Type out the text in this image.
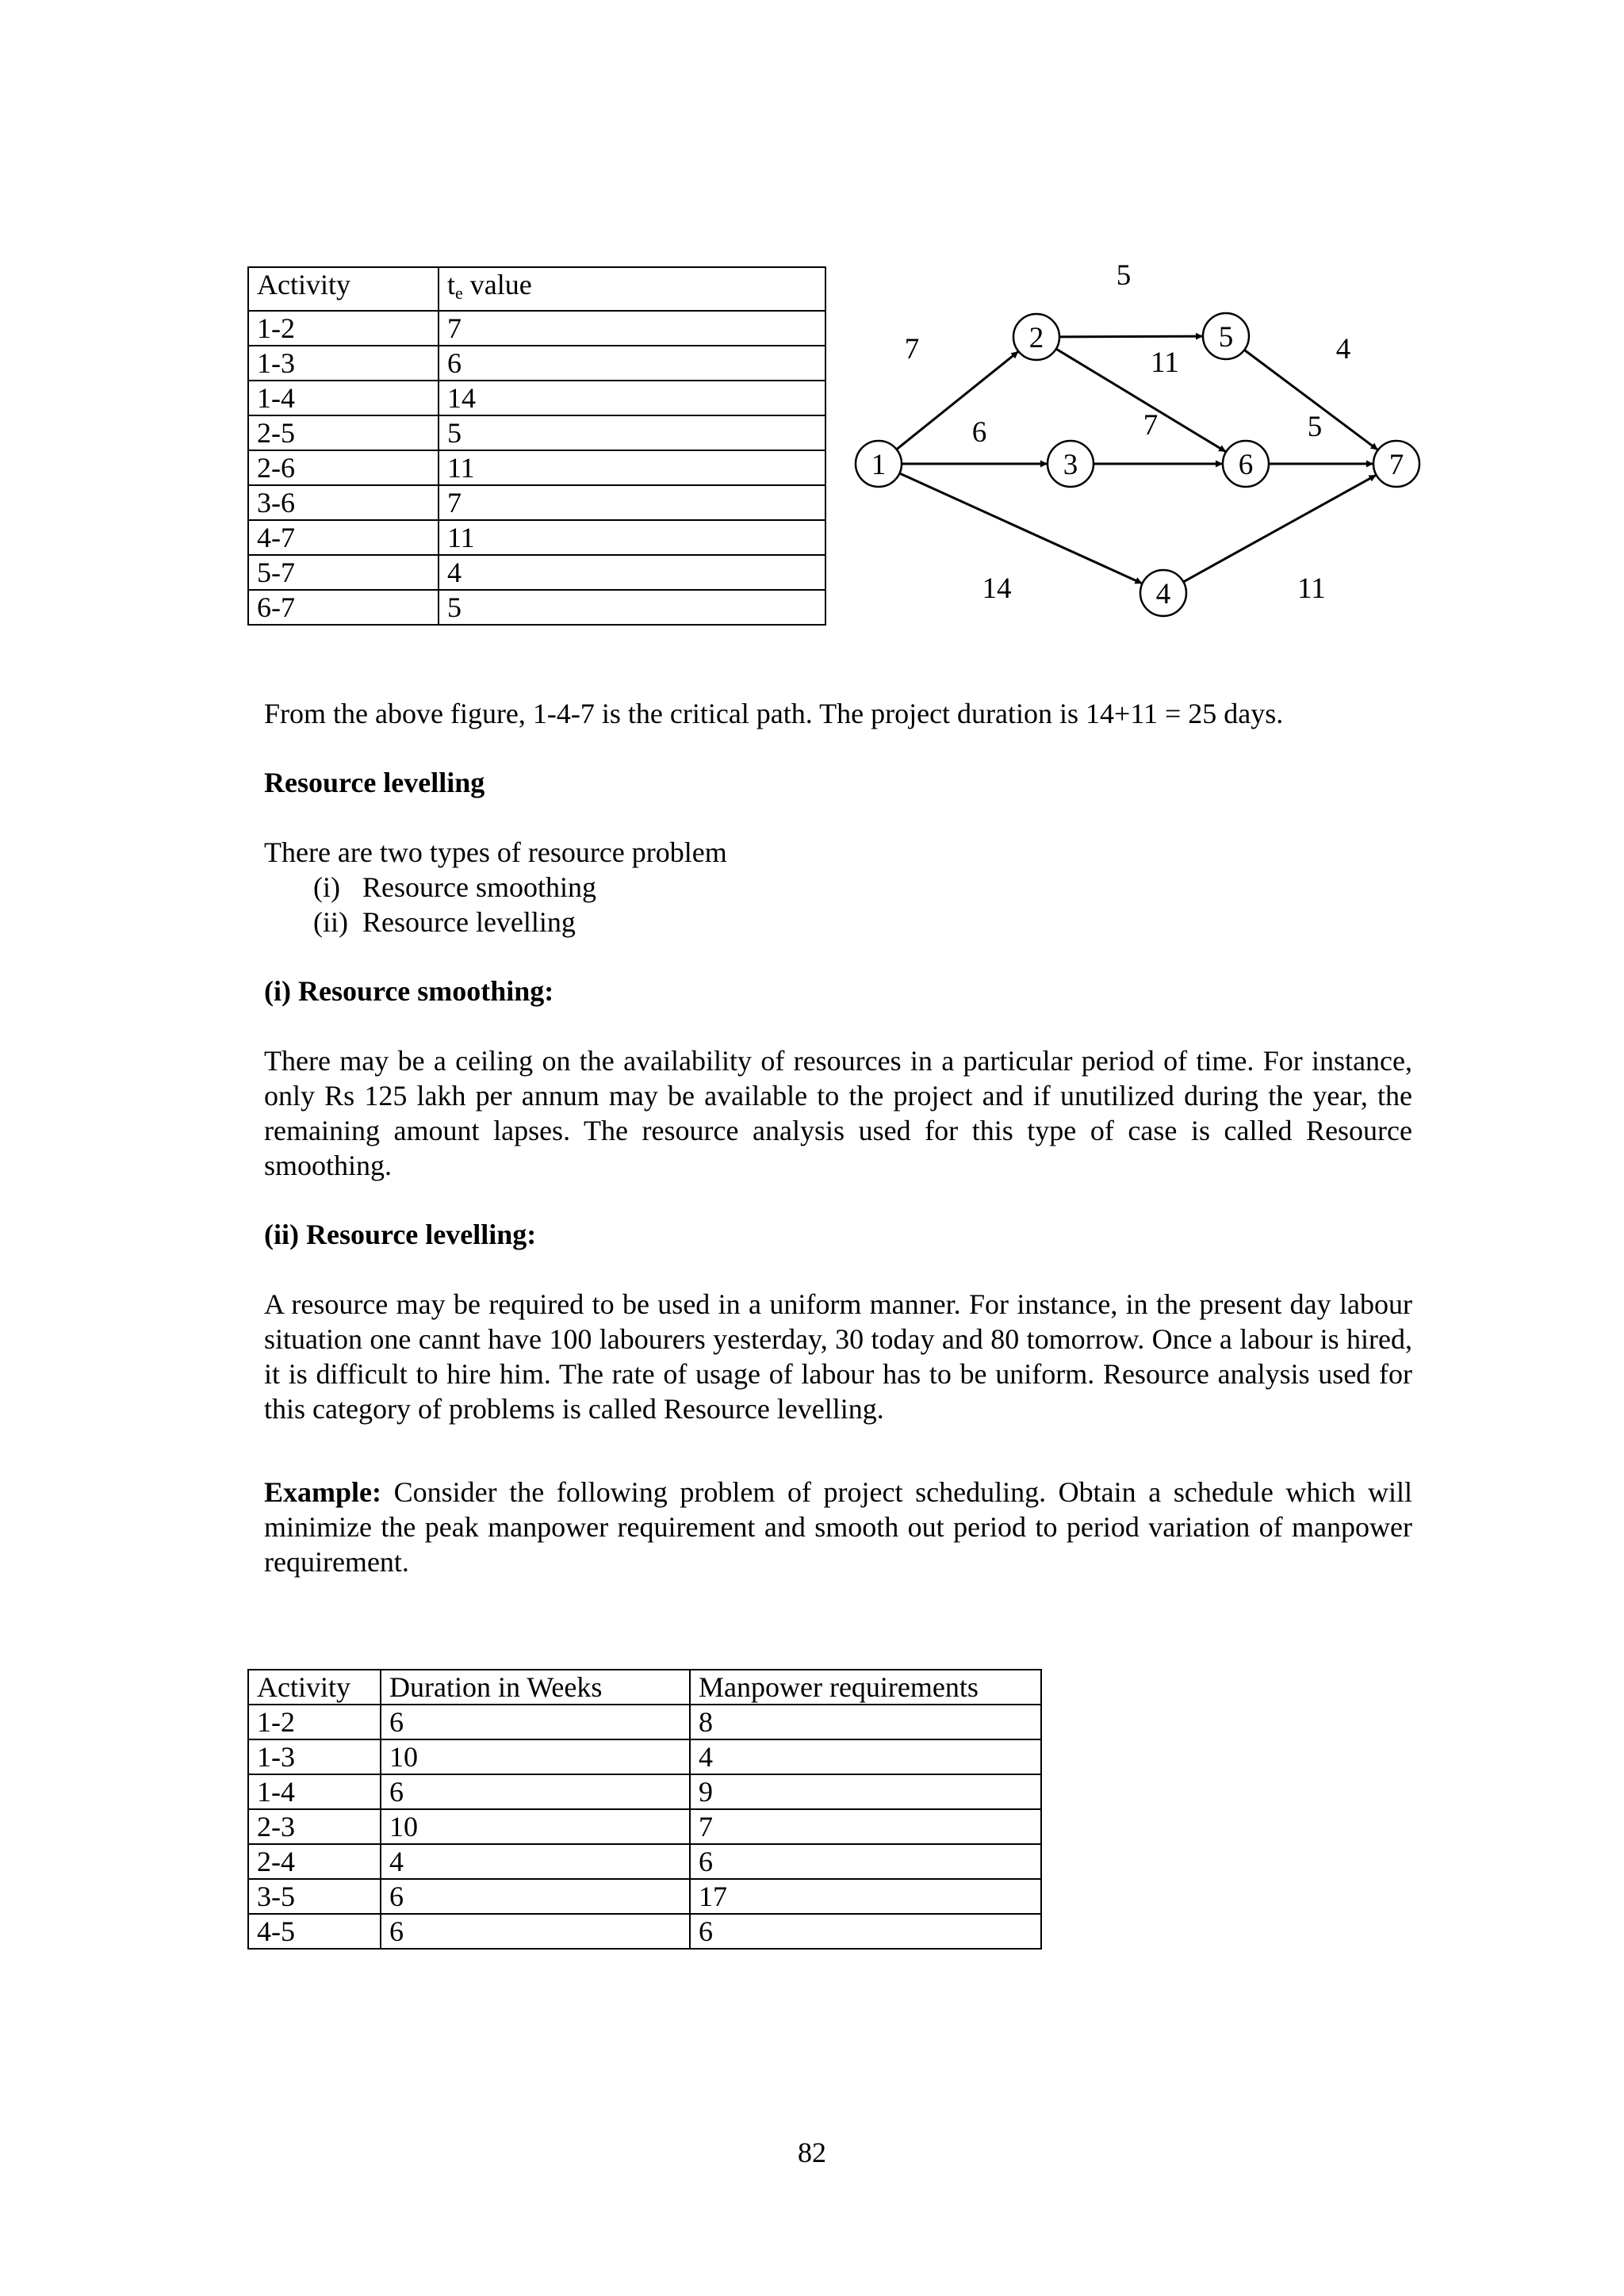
Activity	$t_e$ value
1-2	7
1-3	6
1-4	14
2-5	5
2-6	11
3-6	7
4-7	11
5-7	4
6-7	5
7
6
14
5
11
7
11
4
5
1
2
3
4
5
6	7

From the above figure, 1-4-7 is the critical path. The project duration is 14+11 = 25 days.

Resource levelling

There are two types of resource problem

(i) Resource smoothing

(ii) Resource levelling

(i) Resource smoothing:

There may be a ceiling on the availability of resources in a particular period of time. For instance, only Rs 125 lakh per annum may be available to the project and if unutilized during the year, the remaining amount lapses. The resource analysis used for this type of case is called Resource smoothing.

(ii) Resource levelling:

A resource may be required to be used in a uniform manner. For instance, in the present day labour situation one cannt have 100 labourers yesterday, 30 today and 80 tomorrow. Once a labour is hired, it is difficult to hire him. The rate of usage of labour has to be uniform. Resource analysis used for this category of problems is called Resource levelling.

Example: Consider the following problem of project scheduling. Obtain a schedule which will minimize the peak manpower requirement and smooth out period to period variation of manpower requirement.

Activity	Duration in Weeks	Manpower requirements
1-2	6	8
1-3	10	4
1-4	6	9
2-3	10	7
2-4	4	6
3-5	6	17
4-5	6	6
82
